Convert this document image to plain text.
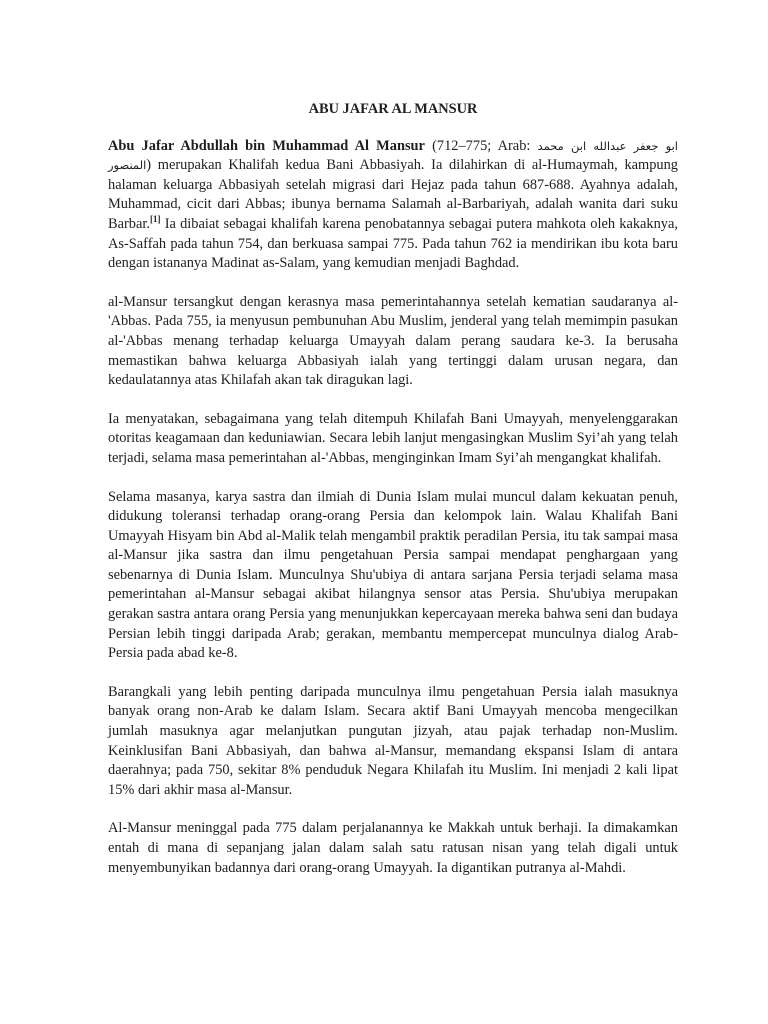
ABU JAFAR AL MANSUR

Abu Jafar Abdullah bin Muhammad Al Mansur (712–775; Arab: ابو جعفر عبدالله ابن محمد المنصور) merupakan Khalifah kedua Bani Abbasiyah. Ia dilahirkan di al-Humaymah, kampung halaman keluarga Abbasiyah setelah migrasi dari Hejaz pada tahun 687-688. Ayahnya adalah, Muhammad, cicit dari Abbas; ibunya bernama Salamah al-Barbariyah, adalah wanita dari suku Barbar.[1] Ia dibaiat sebagai khalifah karena penobatannya sebagai putera mahkota oleh kakaknya, As-Saffah pada tahun 754, dan berkuasa sampai 775. Pada tahun 762 ia mendirikan ibu kota baru dengan istananya Madinat as-Salam, yang kemudian menjadi Baghdad.

al-Mansur tersangkut dengan kerasnya masa pemerintahannya setelah kematian saudaranya al-'Abbas. Pada 755, ia menyusun pembunuhan Abu Muslim, jenderal yang telah memimpin pasukan al-'Abbas menang terhadap keluarga Umayyah dalam perang saudara ke-3. Ia berusaha memastikan bahwa keluarga Abbasiyah ialah yang tertinggi dalam urusan negara, dan kedaulatannya atas Khilafah akan tak diragukan lagi.

Ia menyatakan, sebagaimana yang telah ditempuh Khilafah Bani Umayyah, menyelenggarakan otoritas keagamaan dan keduniawian. Secara lebih lanjut mengasingkan Muslim Syi’ah yang telah terjadi, selama masa pemerintahan al-'Abbas, menginginkan Imam Syi’ah mengangkat khalifah.

Selama masanya, karya sastra dan ilmiah di Dunia Islam mulai muncul dalam kekuatan penuh, didukung toleransi terhadap orang-orang Persia dan kelompok lain. Walau Khalifah Bani Umayyah Hisyam bin Abd al-Malik telah mengambil praktik peradilan Persia, itu tak sampai masa al-Mansur jika sastra dan ilmu pengetahuan Persia sampai mendapat penghargaan yang sebenarnya di Dunia Islam. Munculnya Shu'ubiya di antara sarjana Persia terjadi selama masa pemerintahan al-Mansur sebagai akibat hilangnya sensor atas Persia. Shu'ubiya merupakan gerakan sastra antara orang Persia yang menunjukkan kepercayaan mereka bahwa seni dan budaya Persian lebih tinggi daripada Arab; gerakan, membantu mempercepat munculnya dialog Arab-Persia pada abad ke-8.

Barangkali yang lebih penting daripada munculnya ilmu pengetahuan Persia ialah masuknya banyak orang non-Arab ke dalam Islam. Secara aktif Bani Umayyah mencoba mengecilkan jumlah masuknya agar melanjutkan pungutan jizyah, atau pajak terhadap non-Muslim. Keinklusifan Bani Abbasiyah, dan bahwa al-Mansur, memandang ekspansi Islam di antara daerahnya; pada 750, sekitar 8% penduduk Negara Khilafah itu Muslim. Ini menjadi 2 kali lipat 15% dari akhir masa al-Mansur.

Al-Mansur meninggal pada 775 dalam perjalanannya ke Makkah untuk berhaji. Ia dimakamkan entah di mana di sepanjang jalan dalam salah satu ratusan nisan yang telah digali untuk menyembunyikan badannya dari orang-orang Umayyah. Ia digantikan putranya al-Mahdi.
